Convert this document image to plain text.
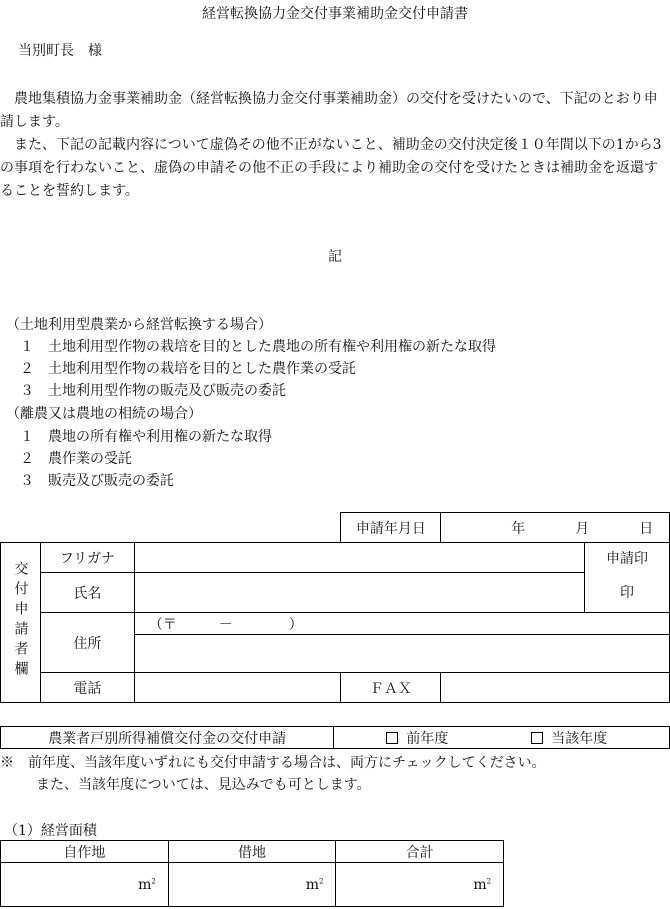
経営転換協力金交付事業補助金交付申請書
当別町長　様
　農地集積協力金事業補助金（経営転換協力金交付事業補助金）の交付を受けたいので、下記のとおり申請します。
　また、下記の記載内容について虚偽その他不正がないこと、補助金の交付決定後１０年間以下の1から3の事項を行わないこと、虚偽の申請その他不正の手段により補助金の交付を受けたときは補助金を返還することを誓約します。
記
（土地利用型農業から経営転換する場合）
１ 土地利用型作物の栽培を目的とした農地の所有権や利用権の新たな取得
２ 土地利用型作物の栽培を目的とした農作業の受託
３ 土地利用型作物の販売及び販売の委託
（離農又は農地の相続の場合）
１ 農地の所有権や利用権の新たな取得
２ 農作業の受託
３ 販売及び販売の委託
			申請年月日	年 月 日	
交付申請者欄	フリガナ				申請印
	氏名				印
	住所	（〒　　　－　　　　）			

	電話		ＦＡＸ		
農業者戸別所得補償交付金の交付申請	前年度	当該年度
※　前年度、当該年度いずれにも交付申請する場合は、両方にチェックしてください。
また、当該年度については、見込みでも可とします。
（1）経営面積
自作地		借地		合計	
	$m^2$		$m^2$		$m^2$
